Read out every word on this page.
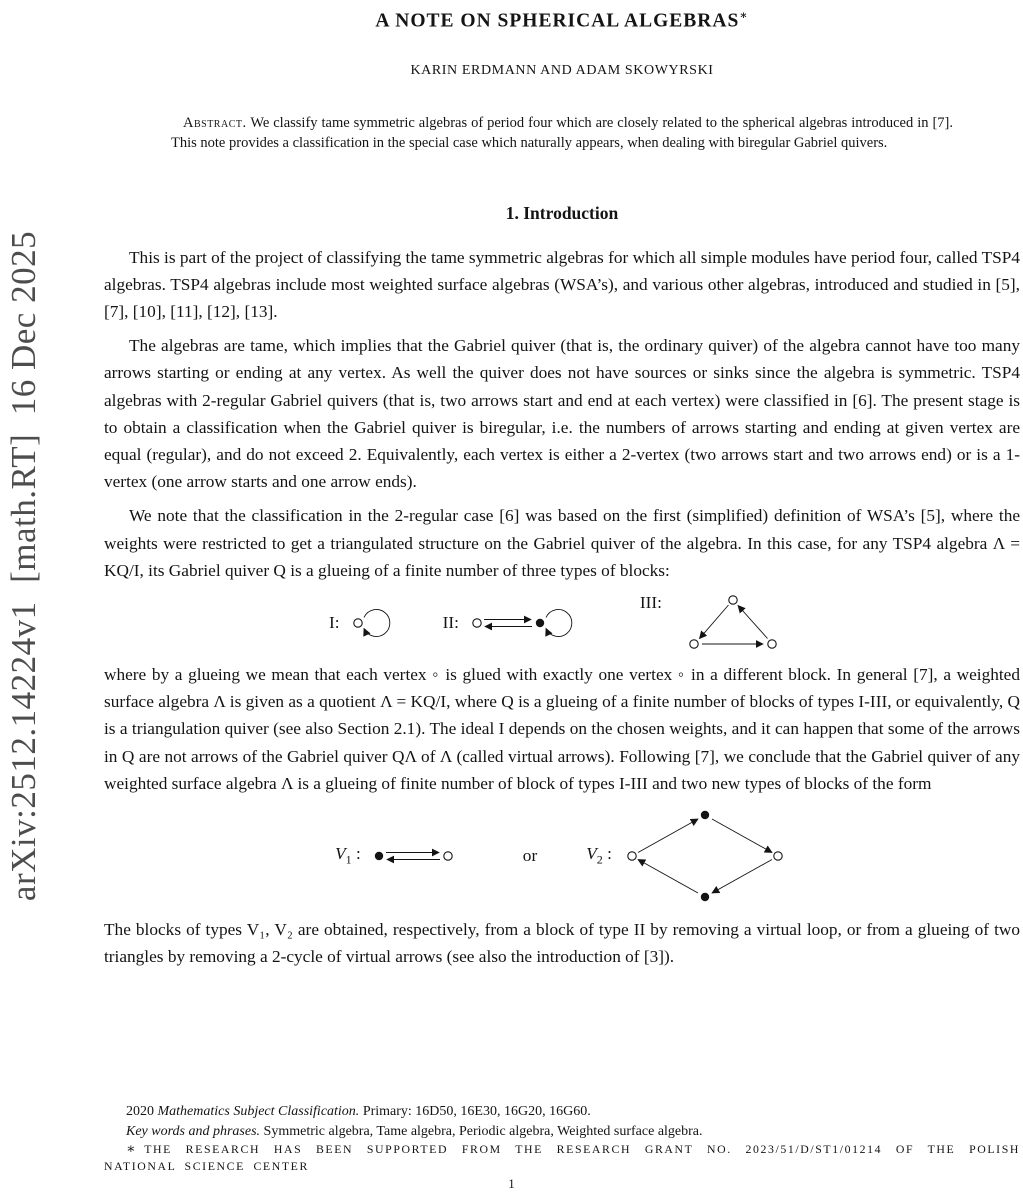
arXiv:2512.14224v1  [math.RT]  16 Dec 2025
A NOTE ON SPHERICAL ALGEBRAS∗
KARIN ERDMANN AND ADAM SKOWYRSKI

Abstract. We classify tame symmetric algebras of period four which are closely related to the spherical algebras introduced in [7]. This note provides a classification in the special case which naturally appears, when dealing with biregular Gabriel quivers.

1. Introduction

This is part of the project of classifying the tame symmetric algebras for which all simple modules have period four, called TSP4 algebras. TSP4 algebras include most weighted surface algebras (WSA’s), and various other algebras, introduced and studied in [5], [7], [10], [11], [12], [13].

The algebras are tame, which implies that the Gabriel quiver (that is, the ordinary quiver) of the algebra cannot have too many arrows starting or ending at any vertex. As well the quiver does not have sources or sinks since the algebra is symmetric. TSP4 algebras with 2-regular Gabriel quivers (that is, two arrows start and end at each vertex) were classified in [6]. The present stage is to obtain a classification when the Gabriel quiver is biregular, i.e. the numbers of arrows starting and ending at given vertex are equal (regular), and do not exceed 2. Equivalently, each vertex is either a 2-vertex (two arrows start and two arrows end) or is a 1-vertex (one arrow starts and one arrow ends).

We note that the classification in the 2-regular case [6] was based on the first (simplified) definition of WSA’s [5], where the weights were restricted to get a triangulated structure on the Gabriel quiver of the algebra. In this case, for any TSP4 algebra Λ = KQ/I, its Gabriel quiver Q is a glueing of a finite number of three types of blocks:

I:	II:
III:

where by a glueing we mean that each vertex ◦ is glued with exactly one vertex ◦ in a different block. In general [7], a weighted surface algebra Λ is given as a quotient Λ = KQ/I, where Q is a glueing of a finite number of blocks of types I-III, or equivalently, Q is a triangulation quiver (see also Section 2.1). The ideal I depends on the chosen weights, and it can happen that some of the arrows in Q are not arrows of the Gabriel quiver QΛ of Λ (called virtual arrows). Following [7], we conclude that the Gabriel quiver of any weighted surface algebra Λ is a glueing of finite number of block of types I-III and two new types of blocks of the form

$V_1$ :	or	$V_2$ :

The blocks of types V₁, V₂ are obtained, respectively, from a block of type II by removing a virtual loop, or from a glueing of two triangles by removing a 2-cycle of virtual arrows (see also the introduction of [3]).

2020 Mathematics Subject Classification. Primary: 16D50, 16E30, 16G20, 16G60.

Key words and phrases. Symmetric algebra, Tame algebra, Periodic algebra, Weighted surface algebra.

∗ THE RESEARCH HAS BEEN SUPPORTED FROM THE RESEARCH GRANT NO. 2023/51/D/ST1/01214 OF THE POLISH NATIONAL SCIENCE CENTER

1
